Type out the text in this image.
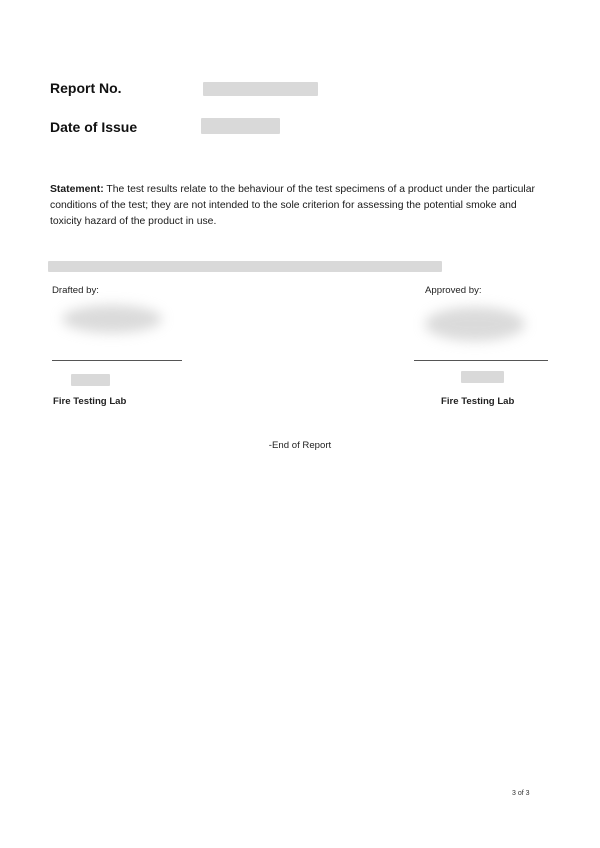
Report No.
Date of Issue
Statement: The test results relate to the behaviour of the test specimens of a product under the particular conditions of the test; they are not intended to the sole criterion for assessing the potential smoke and toxicity hazard of the product in use.
Drafted by:	Approved by:
Fire Testing Lab	Fire Testing Lab
-End of Report
3 of 3
